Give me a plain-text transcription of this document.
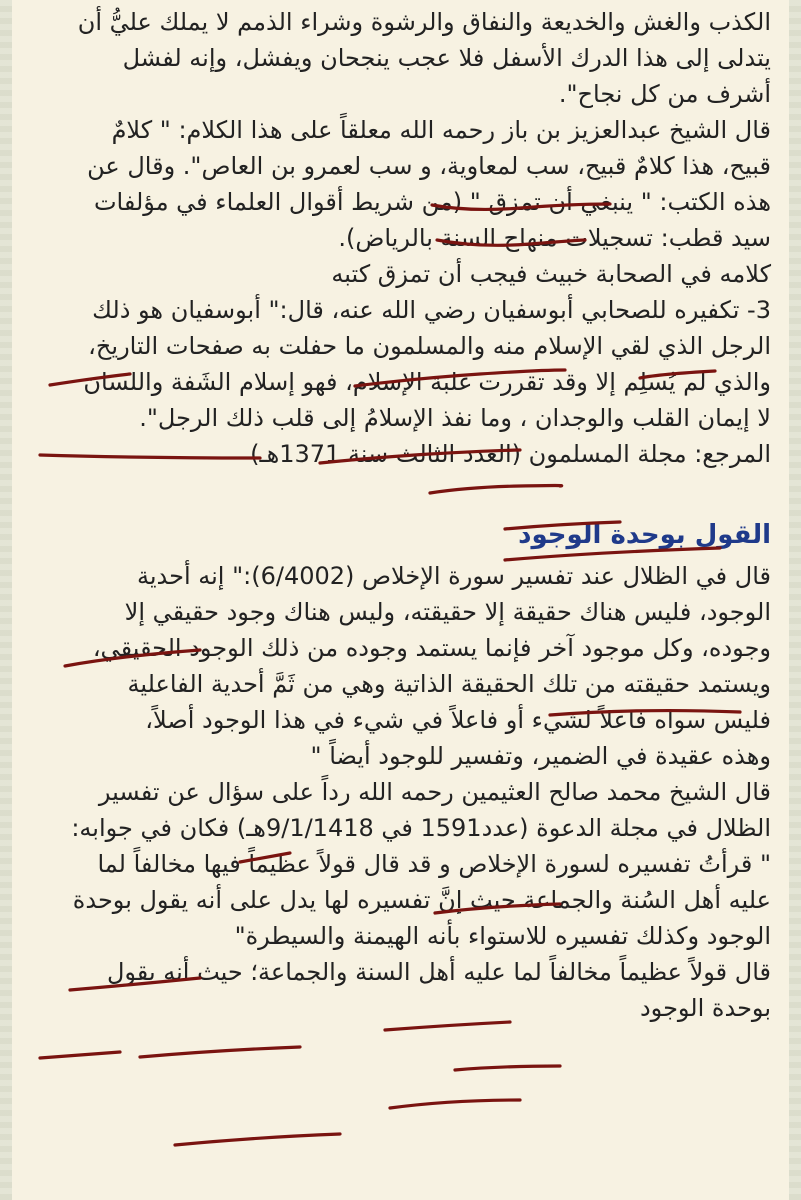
الكذب والغش والخديعة والنفاق والرشوة وشراء الذمم لا يملك عليُّ أن
يتدلى إلى هذا الدرك الأسفل فلا عجب ينجحان ويفشل، وإنه لفشل
أشرف من كل نجاح".
قال الشيخ عبدالعزيز بن باز رحمه الله معلقاً على هذا الكلام: " كلامٌ
قبيح، هذا كلامٌ قبيح، سب لمعاوية، و سب لعمرو بن العاص". وقال عن
هذه الكتب: " ينبغي أن تمزق " (من شريط أقوال العلماء في مؤلفات
سيد قطب: تسجيلات منهاج السنة بالرياض).
كلامه في الصحابة خبيث فيجب أن تمزق كتبه
3- تكفيره للصحابي أبوسفيان رضي الله عنه، قال:" أبوسفيان هو ذلك
الرجل الذي لقي الإسلام منه والمسلمون ما حفلت به صفحات التاريخ،
والذي لم يُسلِم إلا وقد تقررت غلبة الإسلام، فهو إسلام الشَفة واللسان
لا إيمان القلب والوجدان ، وما نفذ الإسلامُ إلى قلب ذلك الرجل".
المرجع: مجلة المسلمون (العدد الثالث سنة 1371هـ)
القول بوحدة الوجود
قال في الظلال عند تفسير سورة الإخلاص (6/4002):" إنه أحدية
الوجود، فليس هناك حقيقة إلا حقيقته، وليس هناك وجود حقيقي إلا
وجوده، وكل موجود آخر فإنما يستمد وجوده من ذلك الوجود الحقيقي،
ويستمد حقيقته من تلك الحقيقة الذاتية وهي من ثَمَّ أحدية الفاعلية
فليس سواه فاعلاً لشيء أو فاعلاً في شيء في هذا الوجود أصلاً،
وهذه عقيدة في الضمير، وتفسير للوجود أيضاً "
قال الشيخ محمد صالح العثيمين رحمه الله رداً على سؤال عن تفسير
الظلال في مجلة الدعوة (عدد1591 في 9/1/1418هـ) فكان في جوابه:
" قرأتُ تفسيره لسورة الإخلاص و قد قال قولاً عظيماً فيها مخالفاً لما
عليه أهل السُنة والجماعة حيث إنَّ تفسيره لها يدل على أنه يقول بوحدة
الوجود وكذلك تفسيره للاستواء بأنه الهيمنة والسيطرة"
قال قولاً عظيماً مخالفاً لما عليه أهل السنة والجماعة؛ حيث أنه يقول
بوحدة الوجود
